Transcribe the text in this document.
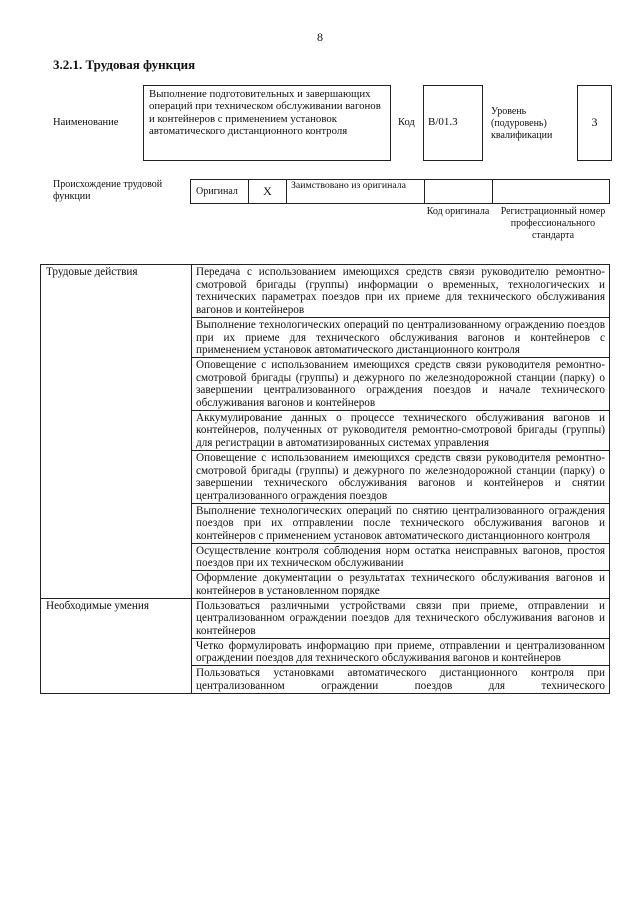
8
3.2.1. Трудовая функция
Наименование
Выполнение подготовительных и завершающих операций при техническом обслуживании вагонов и контейнеров с применением установок автоматического дистанционного контроля
Код	В/01.3
Уровень (подуровень) квалификации
3
Происхождение трудовой функции	Оригинал	X	Заимствовано из оригинала
Код оригинала	Регистрационный номер профессионального стандарта
Трудовые действия	Передача с использованием имеющихся средств связи руководителю ремонтно-смотровой бригады (группы) информации о временных, технологических и технических параметрах поездов при их приеме для технического обслуживания вагонов и контейнеров
	Выполнение технологических операций по централизованному ограждению поездов при их приеме для технического обслуживания вагонов и контейнеров с применением установок автоматического дистанционного контроля
	Оповещение с использованием имеющихся средств связи руководителя ремонтно-смотровой бригады (группы) и дежурного по железнодорожной станции (парку) о завершении централизованного ограждения поездов и начале технического обслуживания вагонов и контейнеров
	Аккумулирование данных о процессе технического обслуживания вагонов и контейнеров, полученных от руководителя ремонтно-смотровой бригады (группы) для регистрации в автоматизированных системах управления
	Оповещение с использованием имеющихся средств связи руководителя ремонтно-смотровой бригады (группы) и дежурного по железнодорожной станции (парку) о завершении технического обслуживания вагонов и контейнеров и снятии централизованного ограждения поездов
	Выполнение технологических операций по снятию централизованного ограждения поездов при их отправлении после технического обслуживания вагонов и контейнеров с применением установок автоматического дистанционного контроля
	Осуществление контроля соблюдения норм остатка неисправных вагонов, простоя поездов при их техническом обслуживании
	Оформление документации о результатах технического обслуживания вагонов и контейнеров в установленном порядке
Необходимые умения	Пользоваться различными устройствами связи при приеме, отправлении и централизованном ограждении поездов для технического обслуживания вагонов и контейнеров
	Четко формулировать информацию при приеме, отправлении и централизованном ограждении поездов для технического обслуживания вагонов и контейнеров
	Пользоваться установками автоматического дистанционного контроля при централизованном ограждении поездов для технического
